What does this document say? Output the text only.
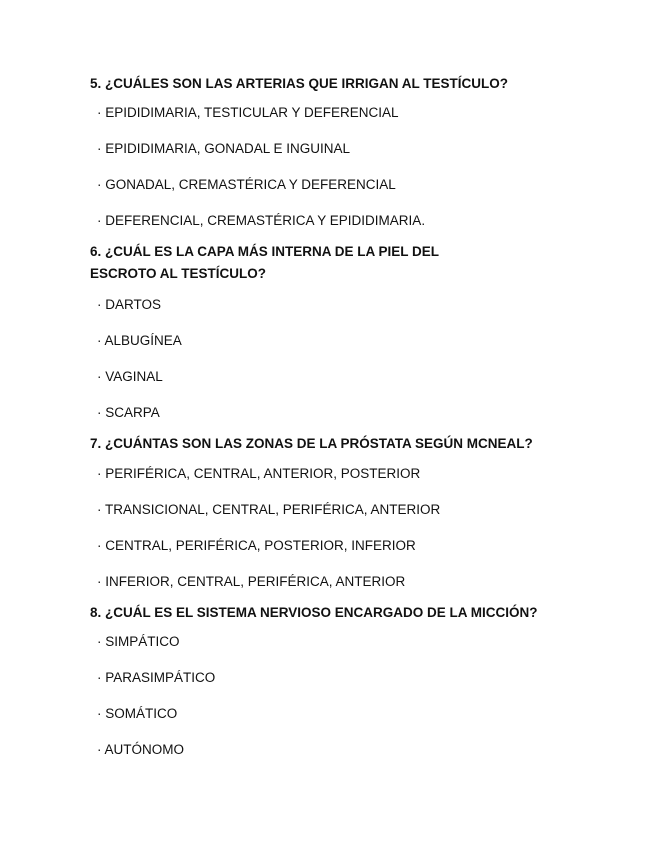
5. ¿CUÁLES SON LAS ARTERIAS QUE IRRIGAN AL TESTÍCULO?
· EPIDIDIMARIA, TESTICULAR Y DEFERENCIAL
· EPIDIDIMARIA, GONADAL E INGUINAL
· GONADAL, CREMASTÉRICA Y DEFERENCIAL
· DEFERENCIAL, CREMASTÉRICA Y EPIDIDIMARIA.
6. ¿CUÁL ES LA CAPA MÁS INTERNA DE LA PIEL DEL
ESCROTO AL TESTÍCULO?
· DARTOS
· ALBUGÍNEA
· VAGINAL
· SCARPA
7. ¿CUÁNTAS SON LAS ZONAS DE LA PRÓSTATA SEGÚN MCNEAL?
· PERIFÉRICA, CENTRAL, ANTERIOR, POSTERIOR
· TRANSICIONAL, CENTRAL, PERIFÉRICA, ANTERIOR
· CENTRAL, PERIFÉRICA, POSTERIOR, INFERIOR
· INFERIOR, CENTRAL, PERIFÉRICA, ANTERIOR
8. ¿CUÁL ES EL SISTEMA NERVIOSO ENCARGADO DE LA MICCIÓN?
· SIMPÁTICO
· PARASIMPÁTICO
· SOMÁTICO
· AUTÓNOMO
